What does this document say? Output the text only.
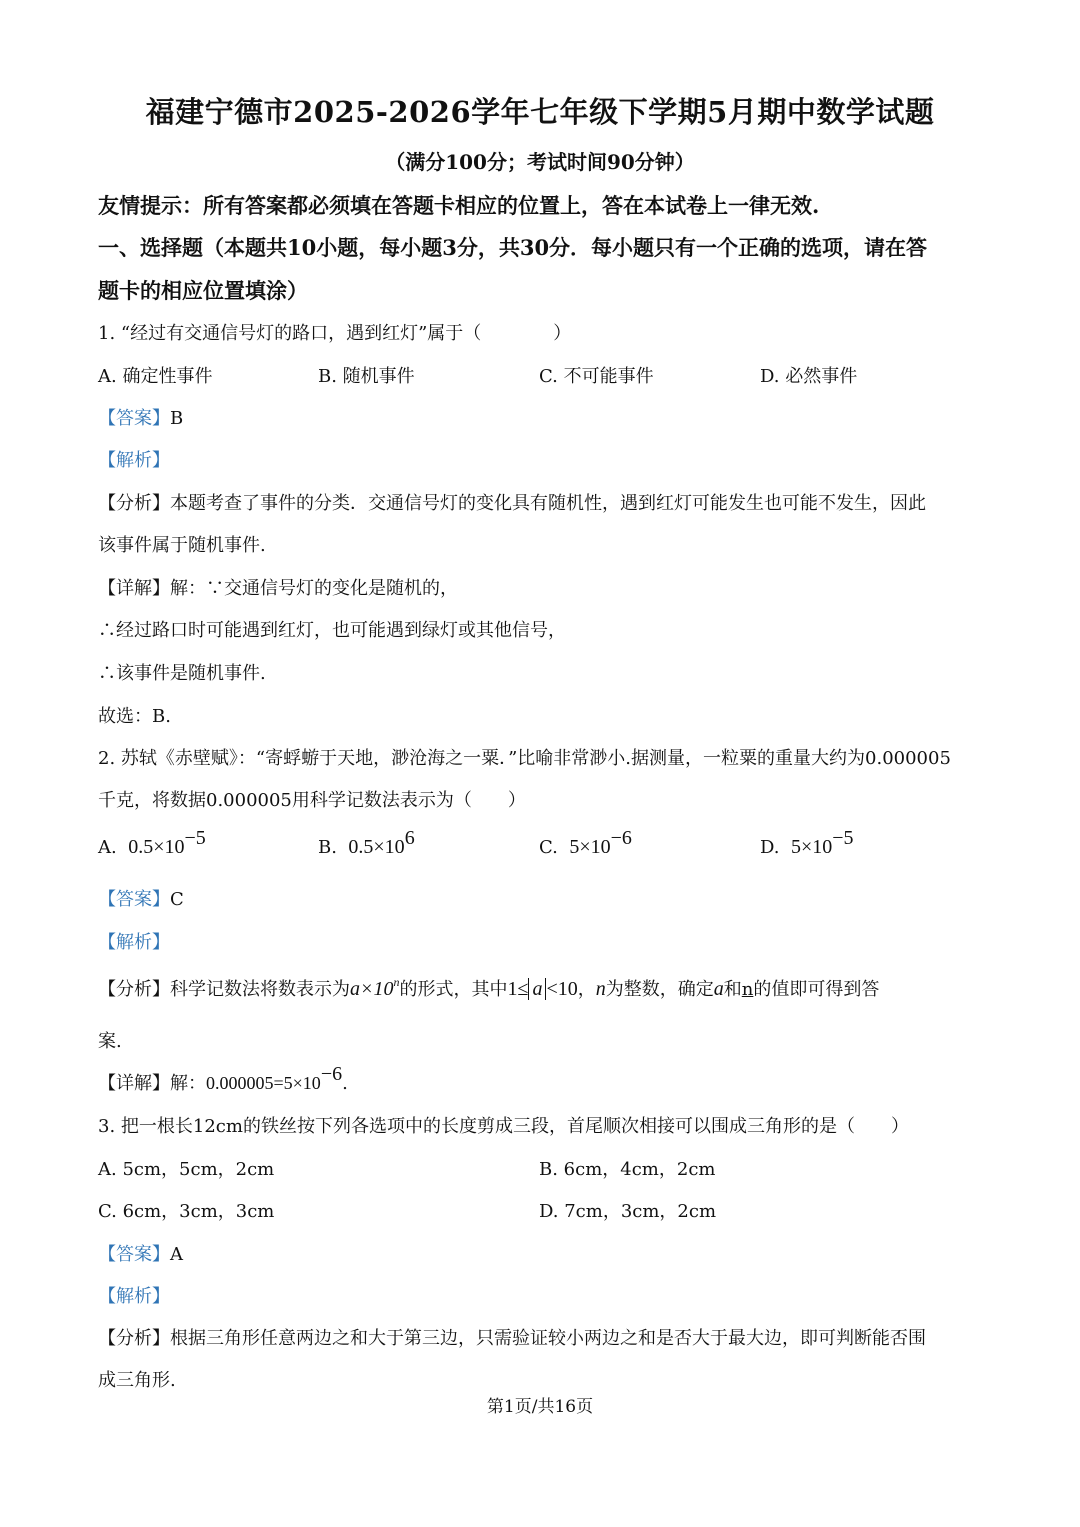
福建宁德市2025-2026学年七年级下学期5月期中数学试题
（满分100分；考试时间90分钟）
友情提示：所有答案都必须填在答题卡相应的位置上，答在本试卷上一律无效.
一、选择题（本题共10小题，每小题3分，共30分．每小题只有一个正确的选项，请在答
题卡的相应位置填涂）
1. “经过有交通信号灯的路口，遇到红灯”属于（　　　　）
A. 确定性事件	B. 随机事件	C. 不可能事件	D. 必然事件
【答案】B
【解析】
【分析】本题考查了事件的分类．交通信号灯的变化具有随机性，遇到红灯可能发生也可能不发生，因此
该事件属于随机事件.
【详解】解：∵交通信号灯的变化是随机的，
∴经过路口时可能遇到红灯，也可能遇到绿灯或其他信号，
∴该事件是随机事件.
故选：B.
2. 苏轼《赤壁赋》：“寄蜉蝣于天地，渺沧海之一粟．”比喻非常渺小.据测量，一粒粟的重量大约为0.000005
千克，将数据0.000005用科学记数法表示为（　　）
A. $0.5\times 10^{-5}$	B. $0.5\times 10^6$	C. $5\times 10^{-6}$	D. $5\times 10^{-5}$
【答案】C
【解析】
【分析】科学记数法将数表示为$a\times 10^n$的形式，其中1≤ a <10，n为整数，确定a和n的值即可得到答
案.
【详解】解：$0.000005=5\times 10^{-6}$.
3. 把一根长12cm的铁丝按下列各选项中的长度剪成三段，首尾顺次相接可以围成三角形的是（　　）
A. 5cm，5cm，2cm	B. 6cm，4cm，2cm
C. 6cm，3cm，3cm	D. 7cm，3cm，2cm
【答案】A
【解析】
【分析】根据三角形任意两边之和大于第三边，只需验证较小两边之和是否大于最大边，即可判断能否围
成三角形.
第1页/共16页
